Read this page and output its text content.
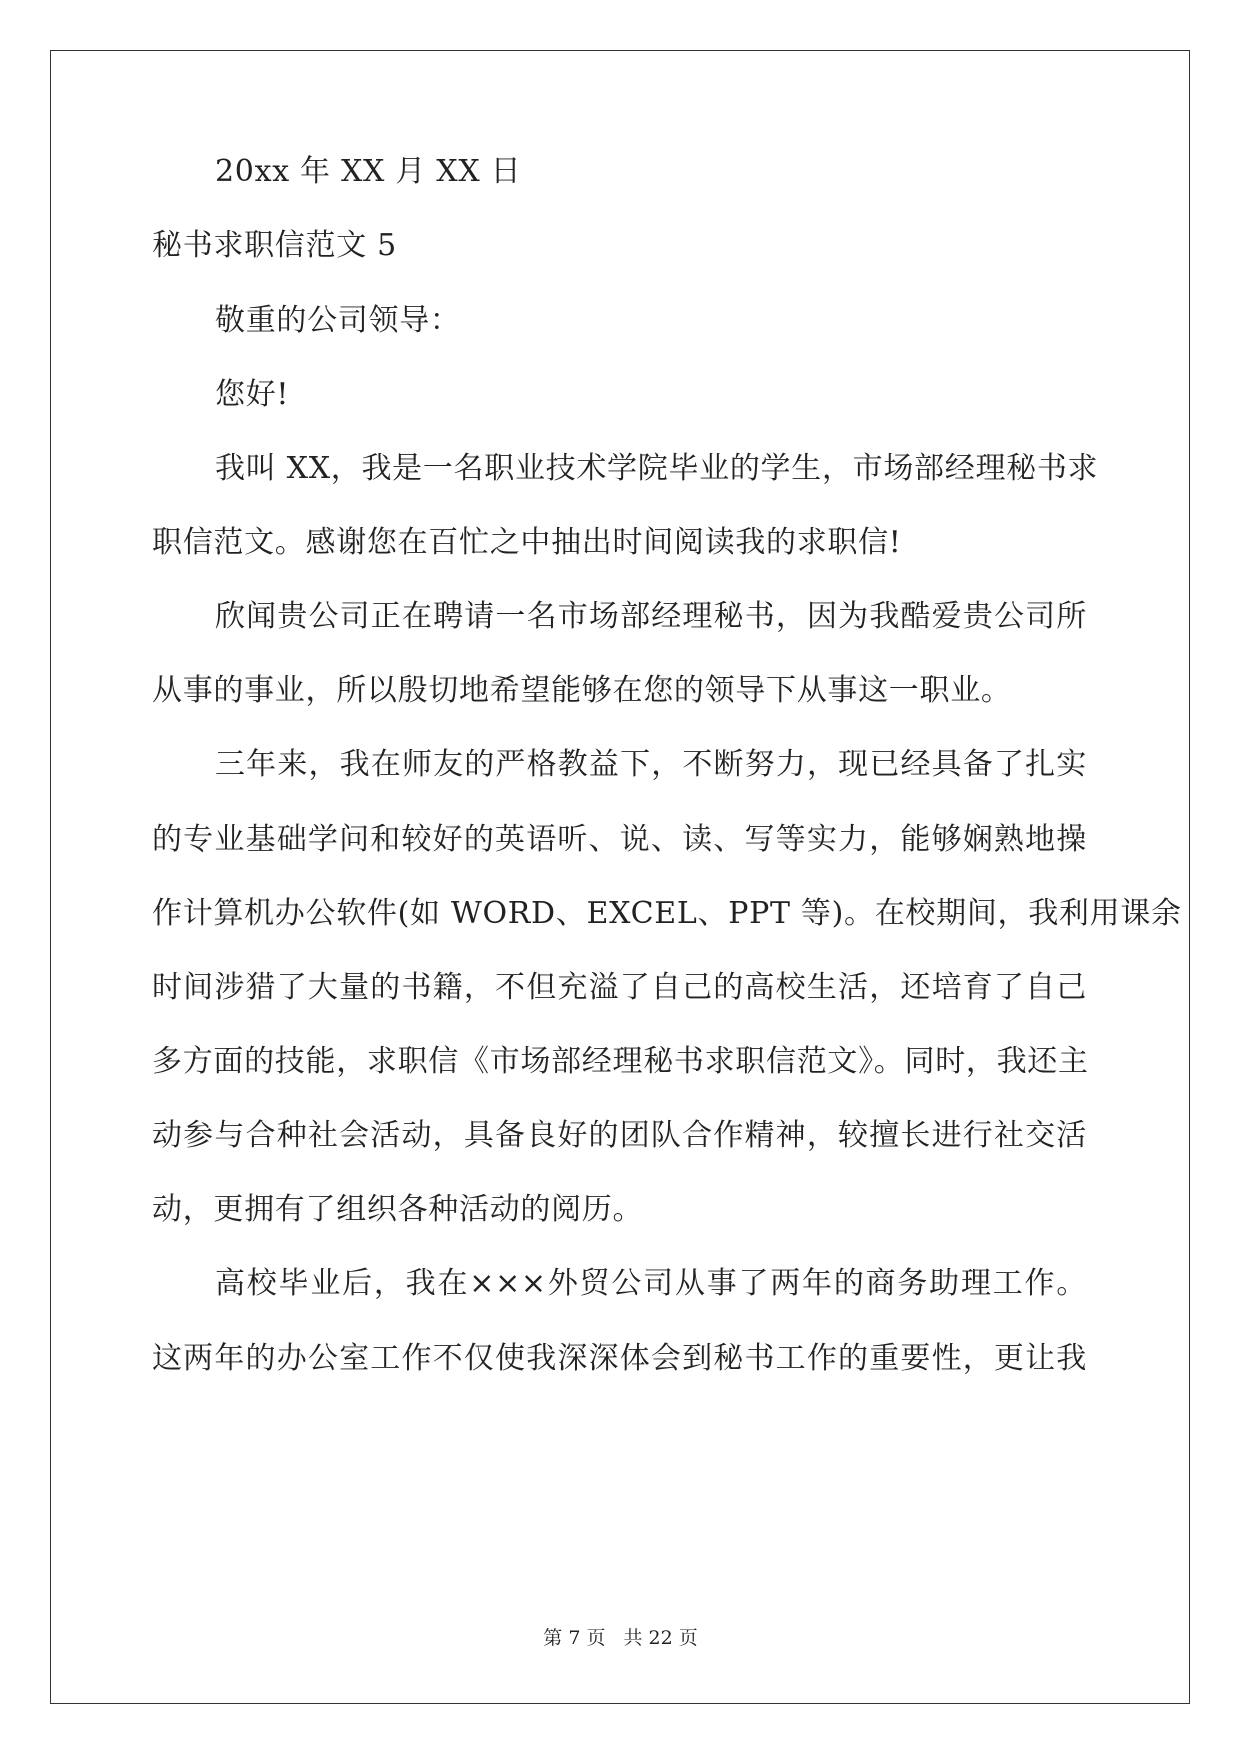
20xx 年 XX 月 XX 日
秘书求职信范文 5
敬重的公司领导：
您好!
我叫 XX，我是一名职业技术学院毕业的学生，市场部经理秘书求
职信范文。感谢您在百忙之中抽出时间阅读我的求职信!
欣闻贵公司正在聘请一名市场部经理秘书，因为我酷爱贵公司所
从事的事业，所以殷切地希望能够在您的领导下从事这一职业。
三年来，我在师友的严格教益下，不断努力，现已经具备了扎实
的专业基础学问和较好的英语听、说、读、写等实力，能够娴熟地操
作计算机办公软件(如 WORD、EXCEL、PPT 等)。在校期间，我利用课余
时间涉猎了大量的书籍，不但充溢了自己的高校生活，还培育了自己
多方面的技能，求职信《市场部经理秘书求职信范文》。同时，我还主
动参与合种社会活动，具备良好的团队合作精神，较擅长进行社交活
动，更拥有了组织各种活动的阅历。
高校毕业后，我在×××外贸公司从事了两年的商务助理工作。
这两年的办公室工作不仅使我深深体会到秘书工作的重要性，更让我
第 7 页 共 22 页
